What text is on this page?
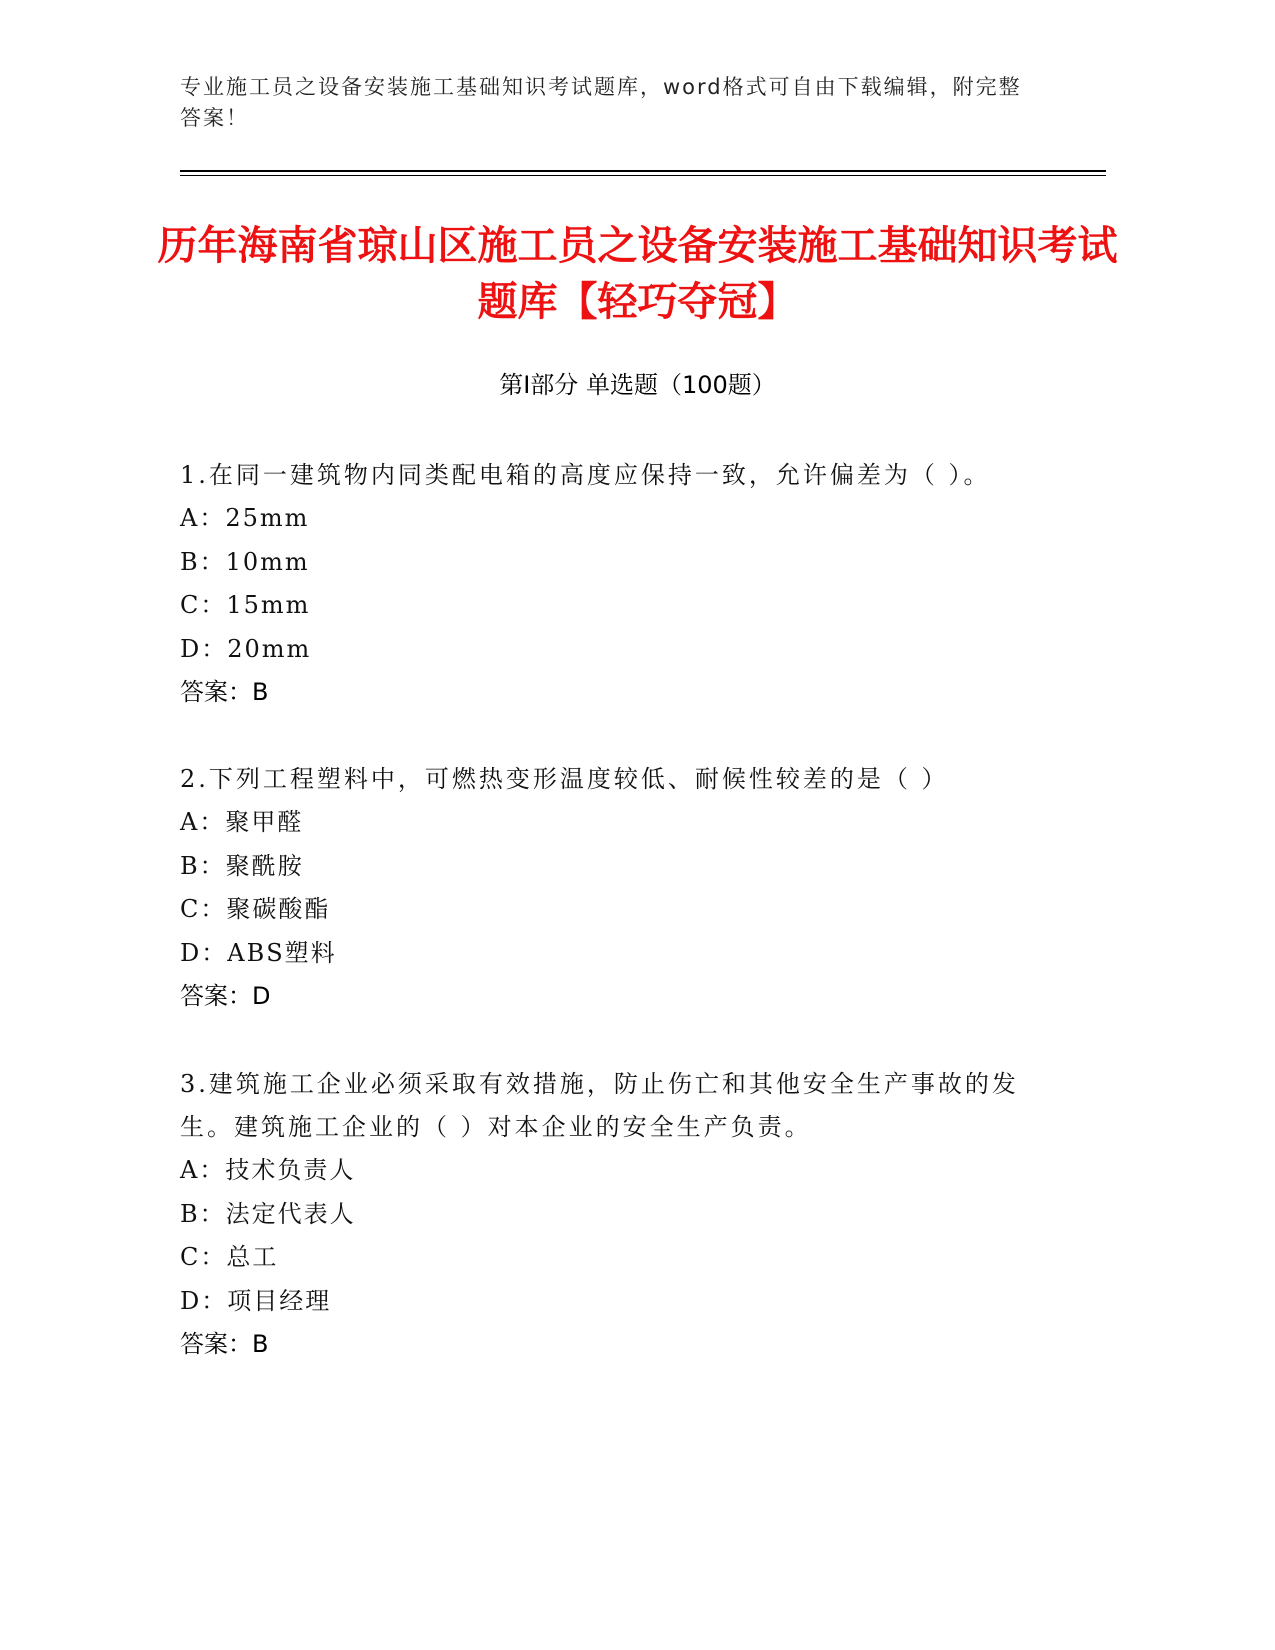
专业施工员之设备安装施工基础知识考试题库，word格式可自由下载编辑，附完整答案！
历年海南省琼山区施工员之设备安装施工基础知识考试题库【轻巧夺冠】
第Ⅰ部分 单选题（100题）

1.在同一建筑物内同类配电箱的高度应保持一致，允许偏差为（ ）。

A：25mm

B：10mm

C：15mm

D：20mm

答案：B

2.下列工程塑料中，可燃热变形温度较低、耐候性较差的是（ ）

A：聚甲醛

B：聚酰胺

C：聚碳酸酯

D：ABS塑料

答案：D

3.建筑施工企业必须采取有效措施，防止伤亡和其他安全生产事故的发生。建筑施工企业的（ ）对本企业的安全生产负责。

A：技术负责人

B：法定代表人

C：总工

D：项目经理

答案：B
